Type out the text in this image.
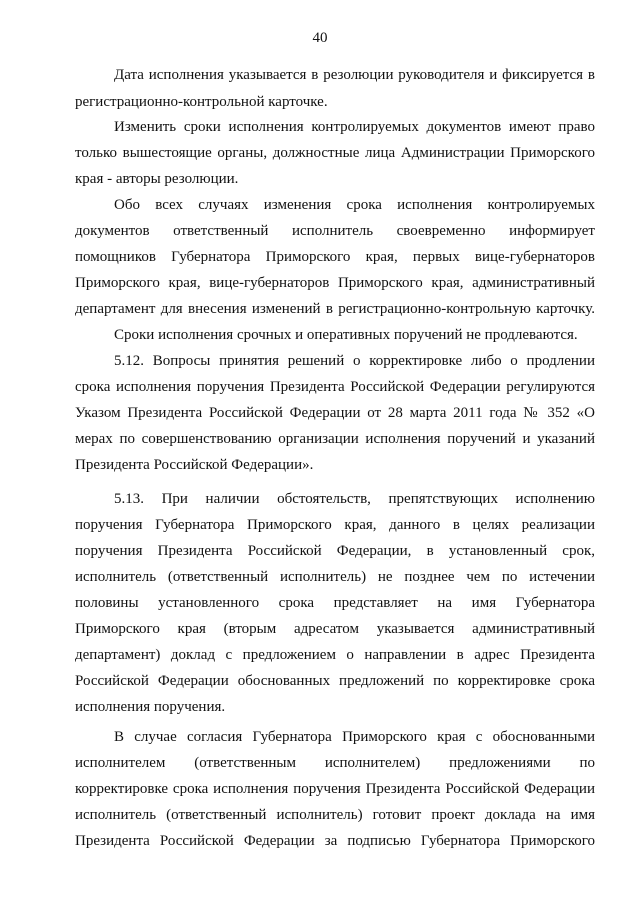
40
Дата исполнения указывается в резолюции руководителя и фиксируется в
регистрационно-контрольной карточке.
Изменить сроки исполнения контролируемых документов имеют право
только вышестоящие органы, должностные лица Администрации Приморского
края - авторы резолюции.
Обо всех случаях изменения срока исполнения контролируемых
документов ответственный исполнитель своевременно информирует
помощников Губернатора Приморского края, первых вице-губернаторов
Приморского края, вице-губернаторов Приморского края, административный
департамент для внесения изменений в регистрационно-контрольную карточку.
Сроки исполнения срочных и оперативных поручений не продлеваются.
5.12. Вопросы принятия решений о корректировке либо о продлении
срока исполнения поручения Президента Российской Федерации регулируются
Указом Президента Российской Федерации от 28 марта 2011 года № 352 «О
мерах по совершенствованию организации исполнения поручений и указаний
Президента Российской Федерации».
5.13. При наличии обстоятельств, препятствующих исполнению
поручения Губернатора Приморского края, данного в целях реализации
поручения Президента Российской Федерации, в установленный срок,
исполнитель (ответственный исполнитель) не позднее чем по истечении
половины установленного срока представляет на имя Губернатора
Приморского края (вторым адресатом указывается административный
департамент) доклад с предложением о направлении в адрес Президента
Российской Федерации обоснованных предложений по корректировке срока
исполнения поручения.
В случае согласия Губернатора Приморского края с обоснованными
исполнителем (ответственным исполнителем) предложениями по
корректировке срока исполнения поручения Президента Российской Федерации
исполнитель (ответственный исполнитель) готовит проект доклада на имя
Президента Российской Федерации за подписью Губернатора Приморского
